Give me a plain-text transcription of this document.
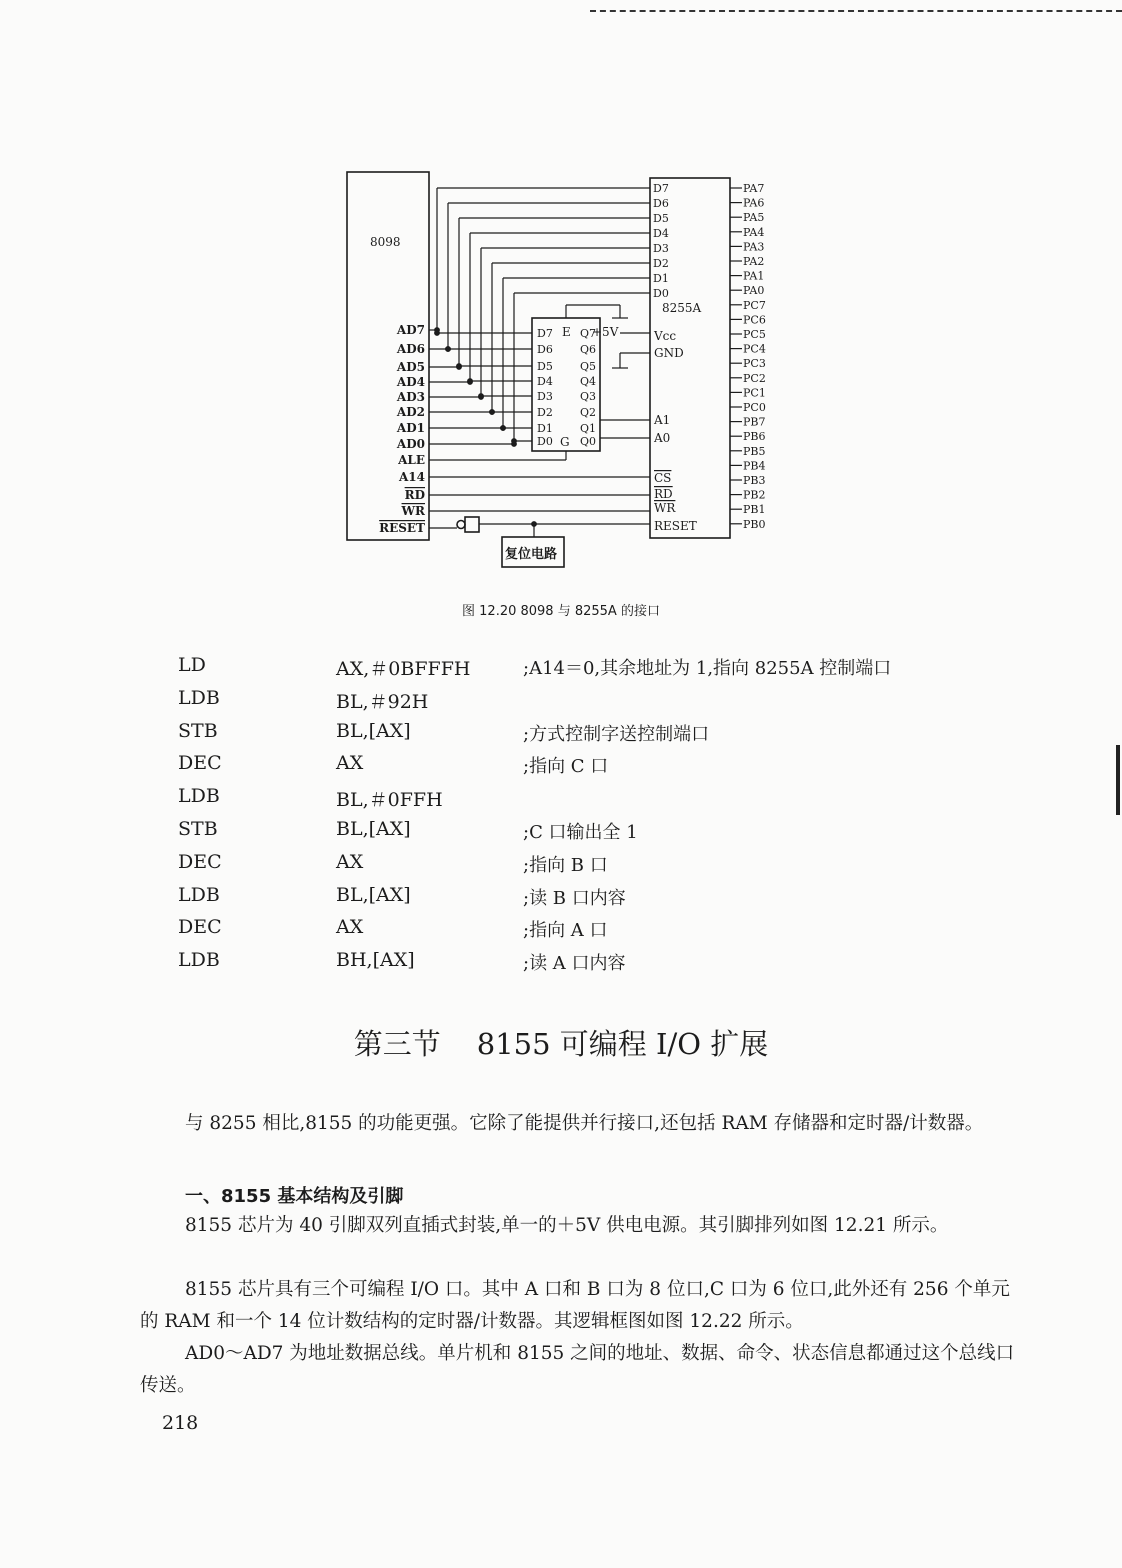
AD7
AD6
AD5
AD4
AD3
AD2
AD1
AD0
ALE
A14
RD
WR
RESET
D7
D6
D5
D4
D3
D2
D1
D0
Q7
Q6
Q5
Q4
Q3
Q2
Q1
Q0
D7
D6
D5
D4
D3
D2
D1
D0
Vcc
GND
A1
A0
CS
RD
WR
RESET
PA7
PA6
PA5
PA4
PA3
PA2
PA1
PA0
PC7
PC6
PC5
PC4
PC3
PC2
PC1
PC0
PB7
PB6
PB5
PB4
PB3
PB2
PB1
PB0
8098
8255A
复位电路
+5V
E
G
图 12.20 8098 与 8255A 的接口
LD	AX,＃0BFFFH	;A14＝0,其余地址为 1,指向 8255A 控制端口
LDB	BL,＃92H
STB	BL,[AX]	;方式控制字送控制端口
DEC	AX	;指向 C 口
LDB	BL,＃0FFH
STB	BL,[AX]	;C 口输出全 1
DEC	AX	;指向 B 口
LDB	BL,[AX]	;读 B 口内容
DEC	AX	;指向 A 口
LDB	BH,[AX]	;读 A 口内容
第三节 8155 可编程 I/O 扩展
与 8255 相比,8155 的功能更强。它除了能提供并行接口,还包括 RAM 存储器和定时器/计数器。
一、8155 基本结构及引脚
8155 芯片为 40 引脚双列直插式封装,单一的＋5V 供电电源。其引脚排列如图 12.21 所示。
8155 芯片具有三个可编程 I/O 口。其中 A 口和 B 口为 8 位口,C 口为 6 位口,此外还有 256 个单元的 RAM 和一个 14 位计数结构的定时器/计数器。其逻辑框图如图 12.22 所示。
AD0～AD7 为地址数据总线。单片机和 8155 之间的地址、数据、命令、状态信息都通过这个总线口传送。
218
